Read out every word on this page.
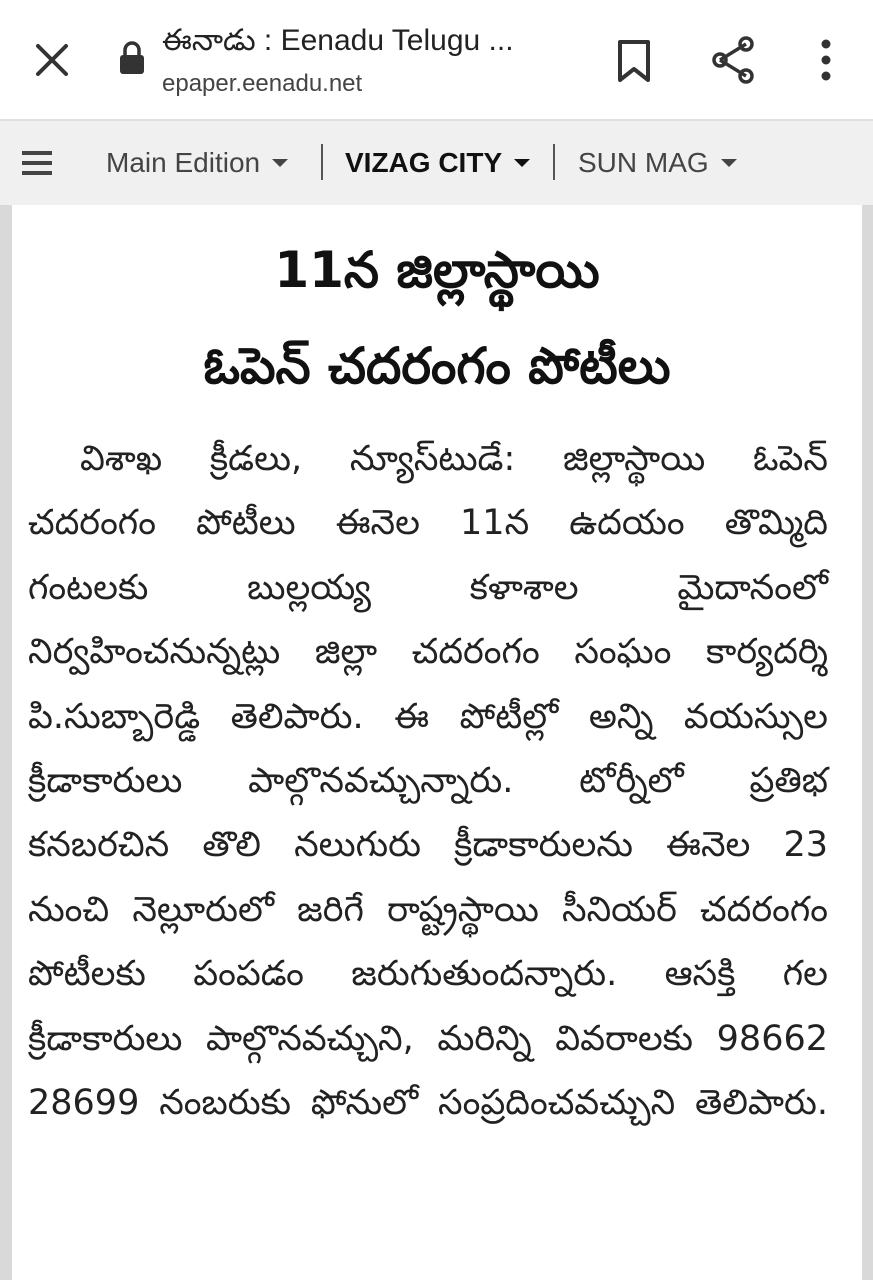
ఈనాడు : Eenadu Telugu ...
epaper.eenadu.net
Main Edition	VIZAG CITY	SUN MAG
11న జిల్లాస్థాయి
ఓపెన్ చదరంగం పోటీలు
విశాఖ క్రీడలు, న్యూస్‌టుడే: జిల్లాస్థాయి ఓపెన్ చదరంగం పోటీలు ఈనెల 11న ఉదయం తొమ్మిది గంటలకు బుల్లయ్య కళాశాల మైదానంలో నిర్వహించనున్నట్లు జిల్లా చదరంగం సంఘం కార్యదర్శి పి.సుబ్బారెడ్డి తెలిపారు. ఈ పోటీల్లో అన్ని వయస్సుల క్రీడాకారులు పాల్గొనవచ్చున్నారు. టోర్నీలో ప్రతిభ కనబరచిన తొలి నలుగురు క్రీడాకారులను ఈనెల 23 నుంచి నెల్లూరులో జరిగే రాష్ట్రస్థాయి సీనియర్ చదరంగం పోటీలకు పంపడం జరుగుతుందన్నారు. ఆసక్తి గల క్రీడాకారులు పాల్గొనవచ్చుని, మరిన్ని వివరాలకు 98662 28699 నంబరుకు ఫోనులో సంప్రదించవచ్చుని తెలిపారు.
